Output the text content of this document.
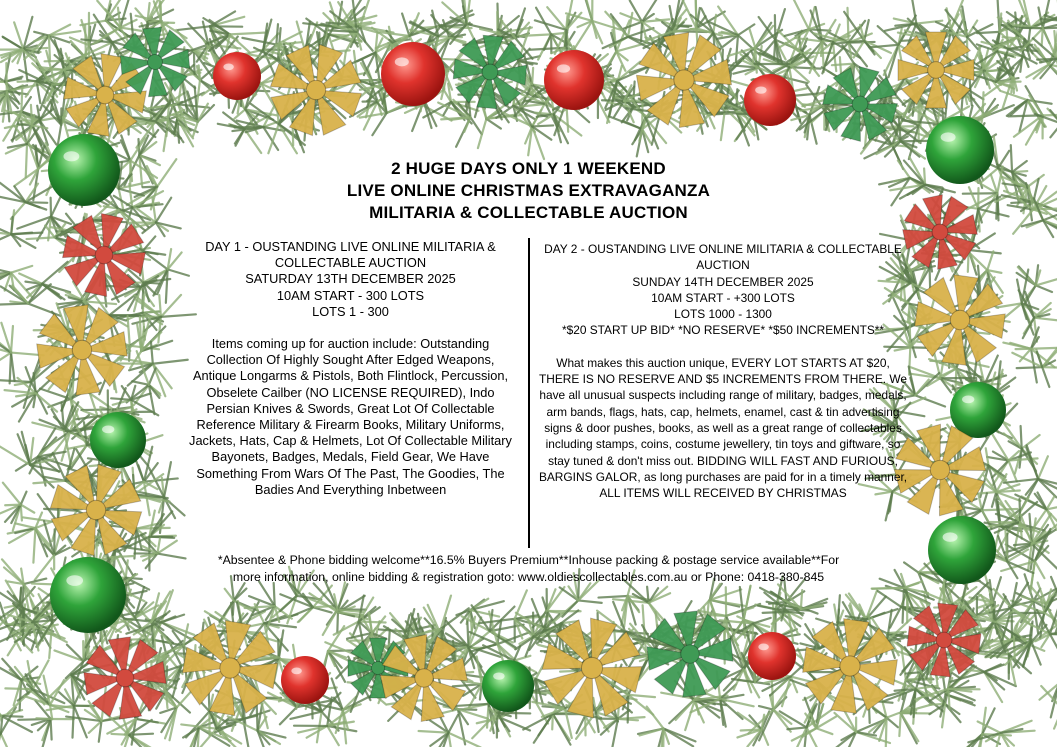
2 HUGE DAYS ONLY 1 WEEKEND
LIVE ONLINE CHRISTMAS EXTRAVAGANZA
MILITARIA & COLLECTABLE AUCTION

DAY 1 - OUSTANDING LIVE ONLINE MILITARIA & COLLECTABLE AUCTION

SATURDAY 13TH DECEMBER 2025

10AM START - 300 LOTS

LOTS 1 - 300

Items coming up for auction include: Outstanding Collection Of Highly Sought After Edged Weapons, Antique Longarms & Pistols, Both Flintlock, Percussion, Obselete Cailber (NO LICENSE REQUIRED), Indo Persian Knives & Swords, Great Lot Of Collectable Reference Military & Firearm Books, Military Uniforms, Jackets, Hats, Cap & Helmets, Lot Of Collectable Military Bayonets, Badges, Medals, Field Gear, We Have Something From Wars Of The Past, The Goodies, The Badies And Everything Inbetween

DAY 2 - OUSTANDING LIVE ONLINE MILITARIA & COLLECTABLE AUCTION

SUNDAY 14TH DECEMBER 2025

10AM START - +300 LOTS

LOTS 1000 - 1300

*$20 START UP BID* *NO RESERVE* *$50 INCREMENTS**

What makes this auction unique, EVERY LOT STARTS AT $20, THERE IS NO RESERVE AND $5 INCREMENTS FROM THERE. We have all unusual suspects including range of military, badges, medals, arm bands, flags, hats, cap, helmets, enamel, cast & tin advertising signs & door pushes, books, as well as a great range of collectables including stamps, coins, costume jewellery, tin toys and giftware, so stay tuned & don't miss out. BIDDING WILL FAST AND FURIOUS, BARGINS GALOR, as long purchases are paid for in a timely manner, ALL ITEMS WILL RECEIVED BY CHRISTMAS

*Absentee & Phone bidding welcome**16.5% Buyers Premium**Inhouse packing & postage service available**For
more information, online bidding & registration goto: www.oldiescollectables.com.au or Phone: 0418-380-845
